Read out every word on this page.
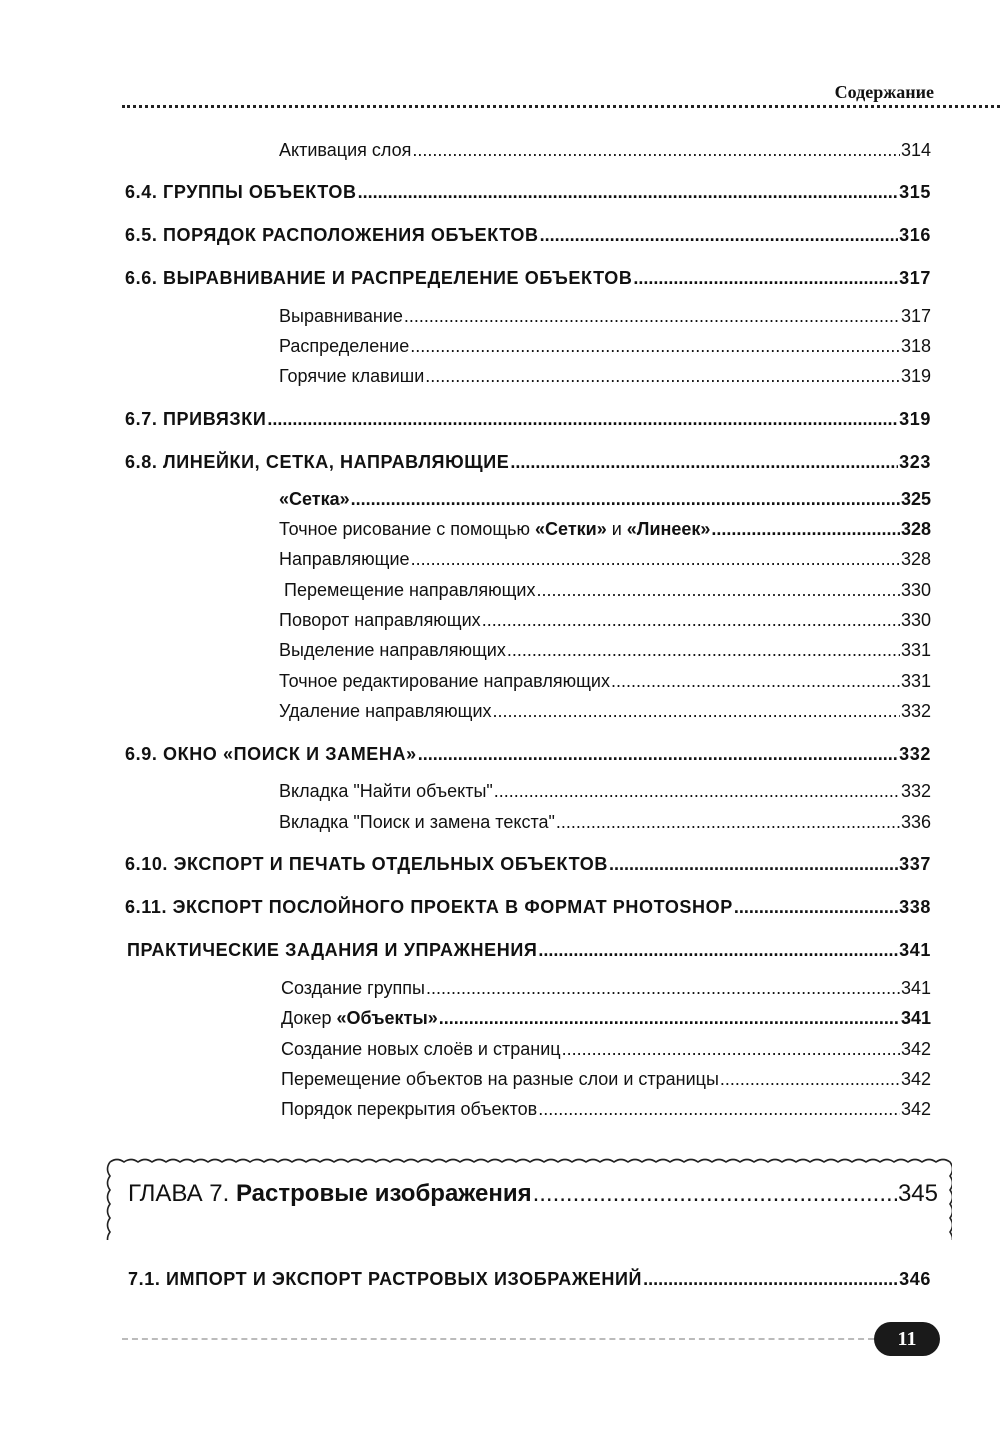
Содержание
Активация слоя .....	314
6.4. ГРУППЫ ОБЪЕКТОВ .....	315
6.5. ПОРЯДОК РАСПОЛОЖЕНИЯ ОБЪЕКТОВ .....	316
6.6. ВЫРАВНИВАНИЕ И РАСПРЕДЕЛЕНИЕ ОБЪЕКТОВ .....	317
Выравнивание .....	317
Распределение .....	318
Горячие клавиши .....	319
6.7. ПРИВЯЗКИ .....	319
6.8. ЛИНЕЙКИ, СЕТКА, НАПРАВЛЯЮЩИЕ .....	323
«Сетка» .....	325
Точное рисование с помощью «Сетки» и «Линеек» .....	328
Направляющие .....	328
Перемещение направляющих .....	330
Поворот направляющих .....	330
Выделение направляющих .....	331
Точное редактирование направляющих .....	331
Удаление направляющих .....	332
6.9. ОКНО «ПОИСК И ЗАМЕНА» .....	332
Вкладка "Найти объекты" .....	332
Вкладка "Поиск и замена текста" .....	336
6.10. ЭКСПОРТ И ПЕЧАТЬ ОТДЕЛЬНЫХ ОБЪЕКТОВ .....	337
6.11. ЭКСПОРТ ПОСЛОЙНОГО ПРОЕКТА В ФОРМАТ PHOTOSHOP .....	338
ПРАКТИЧЕСКИЕ ЗАДАНИЯ И УПРАЖНЕНИЯ .....	341
Создание группы .....	341
Докер «Объекты» .....	341
Создание новых слоёв и страниц .....	342
Перемещение объектов на разные слои и страницы .....	342
Порядок перекрытия объектов .....	342
ГЛАВА 7. Растровые изображения .....	345
7.1. ИМПОРТ И ЭКСПОРТ РАСТРОВЫХ ИЗОБРАЖЕНИЙ .....	346
11
